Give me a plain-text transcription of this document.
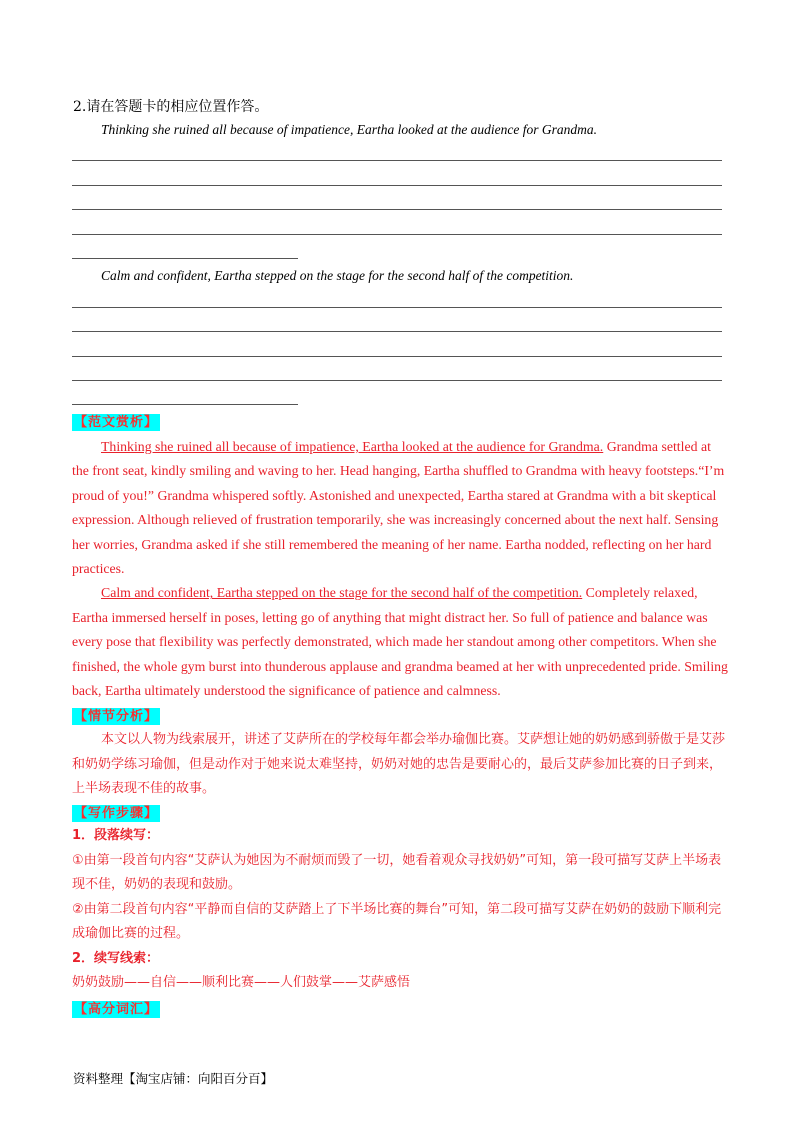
2.请在答题卡的相应位置作答。
Thinking she ruined all because of impatience, Eartha looked at the audience for Grandma.
Calm and confident, Eartha stepped on the stage for the second half of the competition.
【范文赏析】

Thinking she ruined all because of impatience, Eartha looked at the audience for Grandma. Grandma settled at the front seat, kindly smiling and waving to her. Head hanging, Eartha shuffled to Grandma with heavy footsteps.“I’m proud of you!” Grandma whispered softly. Astonished and unexpected, Eartha stared at Grandma with a bit skeptical expression. Although relieved of frustration temporarily, she was increasingly concerned about the next half. Sensing her worries, Grandma asked if she still remembered the meaning of her name. Eartha nodded, reflecting on her hard practices.

Calm and confident, Eartha stepped on the stage for the second half of the competition. Completely relaxed, Eartha immersed herself in poses, letting go of anything that might distract her. So full of patience and balance was every pose that flexibility was perfectly demonstrated, which made her standout among other competitors. When she finished, the whole gym burst into thunderous applause and grandma beamed at her with unprecedented pride. Smiling back, Eartha ultimately understood the significance of patience and calmness.

【情节分析】

本文以人物为线索展开，讲述了艾萨所在的学校每年都会举办瑜伽比赛。艾萨想让她的奶奶感到骄傲于是艾莎和奶奶学练习瑜伽，但是动作对于她来说太难坚持，奶奶对她的忠告是要耐心的，最后艾萨参加比赛的日子到来，上半场表现不佳的故事。

【写作步骤】

1．段落续写：

①由第一段首句内容“艾萨认为她因为不耐烦而毁了一切，她看着观众寻找奶奶”可知，第一段可描写艾萨上半场表现不佳，奶奶的表现和鼓励。

②由第二段首句内容“平静而自信的艾萨踏上了下半场比赛的舞台”可知，第二段可描写艾萨在奶奶的鼓励下顺利完成瑜伽比赛的过程。

2．续写线索：

奶奶鼓励——自信——顺利比赛——人们鼓掌——艾萨感悟

【高分词汇】
资料整理【淘宝店铺：向阳百分百】
